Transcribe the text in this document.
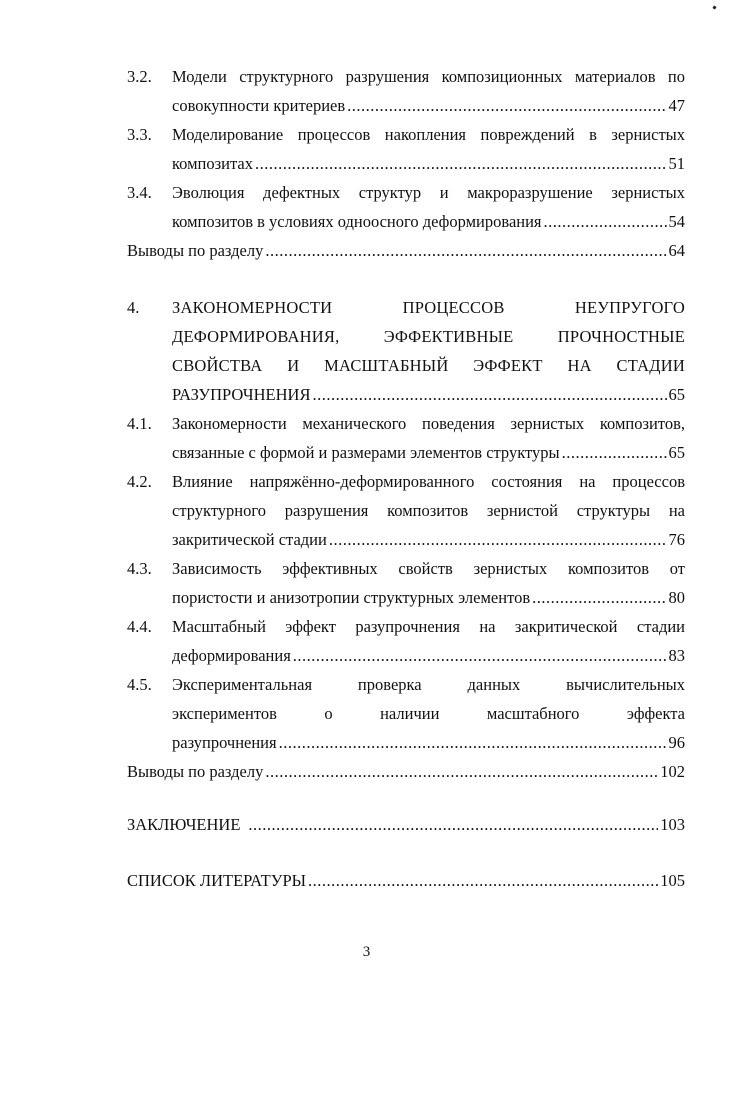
3.2. Модели структурного разрушения композиционных материалов по
совокупности критериев .....	47
3.3. Моделирование процессов накопления повреждений в зернистых
композитах .....	51
3.4. Эволюция дефектных структур и макроразрушение зернистых
композитов в условиях одноосного деформирования .....	54
Выводы по разделу .....	64
4. ЗАКОНОМЕРНОСТИ ПРОЦЕССОВ НЕУПРУГОГО
ДЕФОРМИРОВАНИЯ, ЭФФЕКТИВНЫЕ ПРОЧНОСТНЫЕ
СВОЙСТВА И МАСШТАБНЫЙ ЭФФЕКТ НА СТАДИИ
РАЗУПРОЧНЕНИЯ .....	65
4.1. Закономерности механического поведения зернистых композитов,
связанные с формой и размерами элементов структуры .....	65
4.2. Влияние напряжённо-деформированного состояния на процессов
структурного разрушения композитов зернистой структуры на
закритической стадии .....	76
4.3. Зависимость эффективных свойств зернистых композитов от
пористости и анизотропии структурных элементов .....	80
4.4. Масштабный эффект разупрочнения на закритической стадии
деформирования .....	83
4.5. Экспериментальная проверка данных вычислительных
экспериментов о наличии масштабного эффекта
разупрочнения .....	96
Выводы по разделу .....	102
ЗАКЛЮЧЕНИЕ .....	103
СПИСОК ЛИТЕРАТУРЫ .....	105
3
